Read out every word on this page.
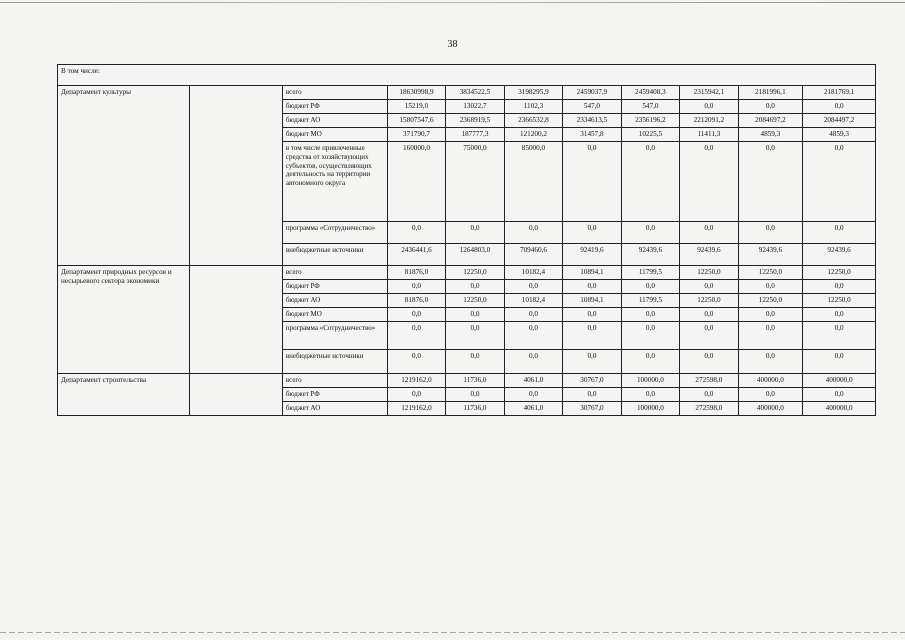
38
В том числе:										
Департамент культуры		всего	18630998,9	3834522,5	3198295,9	2459037,9	2459408,3	2315942,1	2181996,1	2181769,1
		бюджет РФ	15219,0	13022,7	1102,3	547,0	547,0	0,0	0,0	0,0
		бюджет АО	15807547,6	2368919,5	2366532,8	2334613,5	2356196,2	2212091,2	2084697,2	2084497,2
		бюджет МО	371790,7	187777,3	121200,2	31457,8	10225,5	11411,3	4859,3	4859,3
		в том числе привлеченные средства от хозяйствующих субъектов, осуществляющих деятельность на территории автономного округа	160000,0	75000,0	85000,0	0,0	0,0	0,0	0,0	0,0
		программа «Сотрудничество»	0,0	0,0	0,0	0,0	0,0	0,0	0,0	0,0
		внебюджетные источники	2436441,6	1264803,0	709460,6	92419,6	92439,6	92439,6	92439,6	92439,6
Департамент природных ресурсов и несырьевого сектора экономики		всего	81876,0	12250,0	10182,4	10894,1	11799,5	12250,0	12250,0	12250,0
		бюджет РФ	0,0	0,0	0,0	0,0	0,0	0,0	0,0	0,0
		бюджет АО	81876,0	12250,0	10182,4	10894,1	11799,5	12250,0	12250,0	12250,0
		бюджет МО	0,0	0,0	0,0	0,0	0,0	0,0	0,0	0,0
		программа «Сотрудничество»	0,0	0,0	0,0	0,0	0,0	0,0	0,0	0,0
		внебюджетные источники	0,0	0,0	0,0	0,0	0,0	0,0	0,0	0,0
Департамент строительства		всего	1219162,0	11736,0	4061,0	30767,0	100000,0	272598,0	400000,0	400000,0
		бюджет РФ	0,0	0,0	0,0	0,0	0,0	0,0	0,0	0,0
		бюджет АО	1219162,0	11736,0	4061,0	30767,0	100000,0	272598,0	400000,0	400000,0
